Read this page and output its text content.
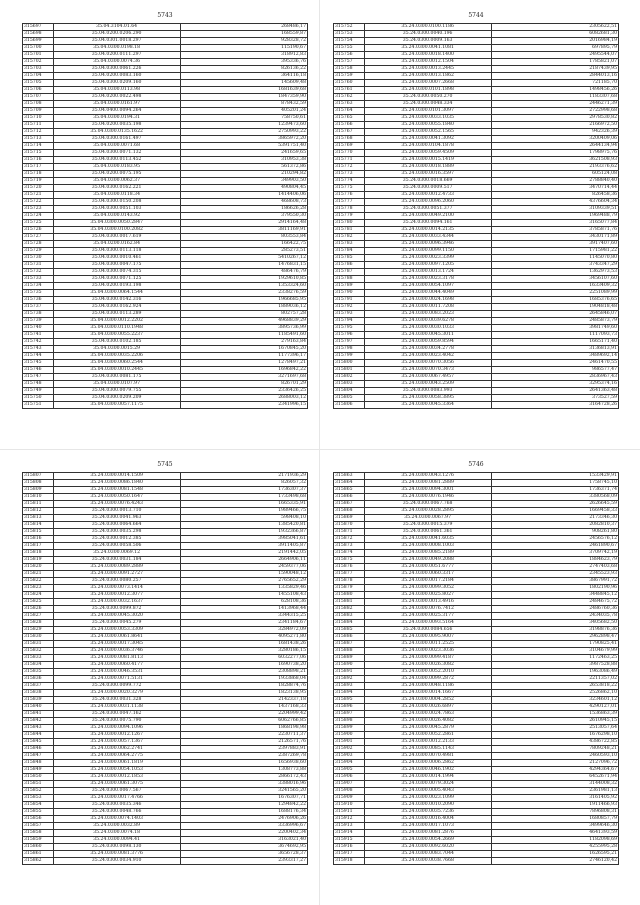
5743
315697	35.04.3104.01.64	268486,17
315698	35.04.0200.0206.290	168559,87
315699	35.04.0301.0018.297	928328,72
315700	35.04.0300.0198.18	115190,67
315701	35.04.0200.0111.297	318912,83
315702	35.04.0300.0074.36	395336,76
315703	35.04.0300.0061.226	826136,22
315704	35.04.0200.0083.160	364116,18
315705	35.04.0300.0209.160	145609,48
315706	35.04.0300.0113.98	1681639,68
315707	35.04.0200.0022.498	1847359,90
315708	35.04.0300.0161.97	878432,59
315709	35.04.0400.0094.264	405201,24
315710	35.04.0300.0194.31	758750,61
315711	35.04.0200.0035.198	1239473,60
315712	35.04.0300.0135.1622	2750993,22
315713	35.04.0300.0161.497	3865972,20
315714	35.04.0300.0071.68	5391751,40
315715	35.04.0300.0071.132	241659,65
315716	35.04.0300.0113.452	310953,38
315717	35.04.0300.0183.95	561372,86
315718	35.04.0200.0075.195	210294,82
315719	35.04.0300.0062.37	349903,50
315720	35.04.0300.0162.221	490804,45
315721	35.04.0300.0118.34	1414406,06
315722	35.04.0300.0150.208	468608,73
315723	35.04.0300.0051.103	186626,28
315724	35.04.0300.0143.92	379550,30
315725	35.04.0300.0050.2847	2914164,48
315726	35.04.0300.0100.2082	3811169,91
315727	35.04.0300.0017.619	803553,84
315728	35.04.0200.0162.84	166422,75
315729	35.04.0300.0113.118	285273,51
315730	35.04.0300.0010.461	5410267,12
315731	35.04.0300.0047.175	1476831,15
315732	35.04.0300.0074.315	486476,79
315733	35.04.0300.0071.125	1929610,85
315734	35.04.0200.0193.198	1353324,60
315735	35.04.0300.0064.1544	2338276,59
315736	35.04.0300.0142.316	1966685,95
315737	35.04.0300.0162.924	1889036,12
315738	35.04.0300.0113.289	802757,28
315739	35.04.0300.0012.2202	4968839,29
315740	35.04.0300.0110.1948	3895736,99
315741	35.04.0300.0055.2237	1185491,60
315742	35.04.0300.0102.185	279163,84
315743	35.04.0300.0015.29	1670845,20
315744	35.04.0300.0035.2206	1177396,17
315745	35.04.0300.0060.2544	1278497,21
315746	35.04.0300.0010.2445	1696842,22
315747	35.04.0300.0081.175	3271697,68
315748	35.04.0300.0107.97	826701,29
315749	35.04.0300.0079.755	2336426,25
315750	35.04.0300.0209.209	2688003,12
315751	35.04.0300.0057.1175	2341996,15
5744
315752	35.24.0300.0100.1186	2305622,51
315753	35.24.0300.0040.196	6082681,30
315754	35.24.0300.0009.163	2016984,19
315755	35.24.0300.0041.1081	697895,79
315756	35.24.0300.0018.1400	2495544,07
315757	35.24.0300.0012.1504	1785821,07
315758	35.24.0300.0013.2445	2187439,95
315759	35.24.0300.0013.1862	2844013,16
315760	35.24.0300.0007.2668	721185,70
315761	35.24.0300.0101.1898	1498456,26
315762	35.24.0300.0050.270	1183307,68
315763	35.24.0300.0048.334	2446271,39
315764	35.24.0300.0101.3097	2722998,68
315765	35.24.0300.0033.1035	2978530,82
315766	35.24.0300.0055.1840	2166972,50
315767	35.24.0300.0052.1565	942326,39
315768	35.24.0300.0041.3092	3200409,06
315769	35.24.0300.0104.1878	2644134,94
315770	35.24.0300.0059.4509	1798975,76
315771	35.24.0300.0015.1419	3621508,93
315772	35.24.0300.0018.1889	2193376,62
315773	35.24.0300.0016.3597	605124,08
315774	35.24.0300.0018.669	2788840,40
315775	35.24.0300.0009.517	3470714,44
315776	35.24.0300.0012.4733	826458,36
315777	35.24.0300.0096.2060	4376604,34
315778	35.24.0300.0051.377	3109339,51
315779	35.24.0300.0049.2100	1969488,79
315780	35.24.0300.0094.161	3165077,84
315781	35.24.0300.0014.2135	3785871,76
315782	35.24.0300.0033.4344	3430171,89
315783	35.24.0300.0096.3946	3917407,60
315784	35.24.0300.0099.1150	1715981,22
315785	35.24.0300.0023.3399	1145070,80
315786	35.24.0300.0097.1205	3743347,29
315787	35.24.0300.0013.1724	1362973,53
315788	35.24.0300.0023.3178	3456107,60
315789	35.24.0300.0054.1097	1633409,32
315790	35.24.0300.0044.4049	2251089,99
315791	35.24.0300.0024.1698	1685376,65
315792	35.24.0300.0011.7208	1904818,48
315793	35.24.0300.0083.2023	2645846,07
315794	35.24.0300.0039.6278	2485873,79
315795	35.24.0300.0030.1033	3981749,60
315796	35.24.0300.0045.3011	1117093,73
315797	35.24.0300.0059.8594	1665171,40
315798	35.24.0300.0034.2778	3136813,91
315799	35.24.0300.0023.4042	3489692,14
315800	35.24.0300.0070.3056	2461470,55
315801	35.24.0300.0070.3473	986577,47
315802	35.24.0300.0067.4957	2836967,43
315803	35.24.0300.0043.2509	3295374,16
315804	35.24.0300.0083.993	2641363,48
315805	35.24.0300.0058.3895	373527,59
315806	35.24.0300.0045.3364	3164728,26
5745
315807	35.24.0300.0014.1509	2171936,29
315808	35.24.0300.0086.1840	826057,32
315809	35.24.0300.0081.1548	1736307,37
315810	35.24.0300.0050.1647	1733498,68
315811	35.24.0300.0076.4243	1665335,91
315812	35.24.0300.0013.710	1989466,75
315813	35.24.0300.0041.963	598408,10
315814	35.24.0300.0064.664	1385420,81
315815	35.24.0300.0035.298	1932366,87
315816	35.24.0300.0012.385	3985041,61
315817	35.24.0300.0058.506	3911405,87
315818	35.24.0300.0069.12	2191442,05
315819	35.24.0300.0031.184	2664906,11
315820	35.24.0300.0089.2889	2459377,06
315821	35.24.0300.0091.2727	1590048,12
315822	35.24.0300.0080.257	2765652,29
315823	35.24.0300.0073.1414	1335829,46
315824	35.24.0300.0012.3077	1455108,43
315825	35.24.0300.0032.1637	628108,36
315826	35.24.0300.0099.872	1413968,44
315827	35.24.0300.0045.3020	3344315,25
315828	35.24.0300.0045.279	2341184,67
315829	35.24.0300.0053.3309	3284972,09
315830	35.24.0300.0061.8641	4095271,80
315831	35.24.0300.0017.3045	1681438,26
315832	35.24.0300.0036.3746	3280186,15
315833	35.24.0300.0081.8113	6032277,06
315834	35.24.0300.0060.4177	1690738,20
315835	35.24.0300.0046.3531	2308898,21
315836	35.24.0300.0071.5131	1933868,04
315837	35.24.0300.0099.772	1828874,76
315838	35.24.0300.0020.3279	1823138,95
315839	35.24.0300.0031.328	2142337,18
315840	35.24.0300.0031.1138	1437168,33
315841	35.24.0300.0047.162	2204999,42
315842	35.24.0300.0075.790	6062766,85
315843	35.24.0300.0094.1096	1868198,98
315844	35.24.0300.0012.1267	2230711,37
315845	35.24.0300.0057.1367	2126571,76
315846	35.24.0300.0062.2741	2397883,91
315847	35.24.0300.0064.2775	2387269,78
315848	35.24.0300.0061.1819	1656938,60
315849	35.24.0300.0054.1053	1308773,88
315850	35.24.0300.0012.1853	2866172,43
315851	35.24.0300.0061.3075	3388016,96
315852	35.24.0300.0067.567	3241565,20
315853	35.24.0300.0017.4766	1676307,71
315854	35.24.0300.0035.346	1294842,22
315855	35.24.0300.0048.766	1688176,34
315856	35.24.0300.0074.1403	2476906,26
315857	35.24.0300.0032.89	3336996,67
315858	35.24.0300.0074.18	2200402,34
315859	35.24.0300.0094.41	3163021,40
315860	35.24.0300.0098.130	3674692,95
315861	35.24.0300.0081.3776	3656728,37
315862	35.24.0300.0034.910	2393317,27
5746
315863	35.24.0300.0043.1276	1533429,91
315864	35.24.0300.0081.2889	1758745,10
315865	35.24.0300.0094.3001	1736371,74
315866	35.24.0300.0076.1946	3380568,09
315867	35.24.0300.0067.768	2626645,59
315868	35.24.0300.0028.2895	1669458,33
315869	35.24.0300.0067.97	2173346,30
315870	35.24.0300.0015.379	2082810,37
315871	35.24.0300.0061.361	908261,80
315872	35.24.0300.0041.6035	2456576,12
315873	35.24.0300.0008.1003	2461890,67
315874	35.24.0300.0085.2189	3709742,19
315875	35.24.0300.0049.2088	1884623,79
315876	35.24.0300.0051.6777	2747403,68
315877	35.24.0300.0060.3317	2345523,93
315878	35.24.0300.0017.2184	3867991,72
315879	35.24.0300.0099.3052	1802190,96
315880	35.24.0300.0025.8027	3448845,12
315881	35.24.0300.0013.4916	2484675,72
315882	35.24.0300.0076.7412	2486760,36
315883	35.24.0300.0025.3177	2434035,78
315884	35.24.0300.0093.5164	3405682,50
315885	35.24.0300.0084.656	3198876,36
315886	35.24.0300.0095.9007	2962898,47
315887	35.24.0300.0011.2525	1790825,41
315888	35.24.0300.0023.3036	3104679,99
315889	35.24.0300.0099.4187	1172463,25
315890	35.24.0300.0026.3082	3987528,88
315891	35.24.0300.0052.2010	1963086,49
315892	35.24.0300.0099.2872	2211357,02
315893	35.24.0300.0048.1186	2653818,22
315894	35.24.0300.0014.1667	2526862,10
315895	35.24.0300.0004.2852	3234601,12
315896	35.24.0300.0026.6897	4290127,01
315897	35.24.0300.0024.7863	1536863,39
315898	35.24.0300.0026.4082	2610945,15
315899	35.24.0300.0045.2879	2513057,64
315900	35.24.0300.0052.2861	1676298,10
315901	35.24.0300.0012.2133	4386722,85
315902	35.24.0300.0085.1143	7809248,21
315903	35.24.0300.0070.4981	2460593,10
315904	35.24.0300.0006.2862	2127096,72
315905	35.24.0300.0046.1902	4294364,67
315906	35.24.0300.0014.1994	6452671,94
315907	35.24.0300.0079.3024	3144008,32
315908	35.24.0300.0005.4043	2361981,13
315909	35.24.0300.0023.1099	3161405,92
315910	35.24.0300.0010.2090	1911466,93
315911	35.24.0300.0035.7236	7896808,31
315912	35.24.0300.0016.4004	1680857,79
315913	35.24.0300.0017.1073	3499646,30
315914	35.24.0300.0081.2876	4641393,59
315915	35.24.0300.0054.2669	1182098,69
315916	35.24.0300.0092.6020	4255995,28
315917	35.24.0300.0083.7044	1626595,21
315918	35.24.0300.0038.7668	2746120,42
